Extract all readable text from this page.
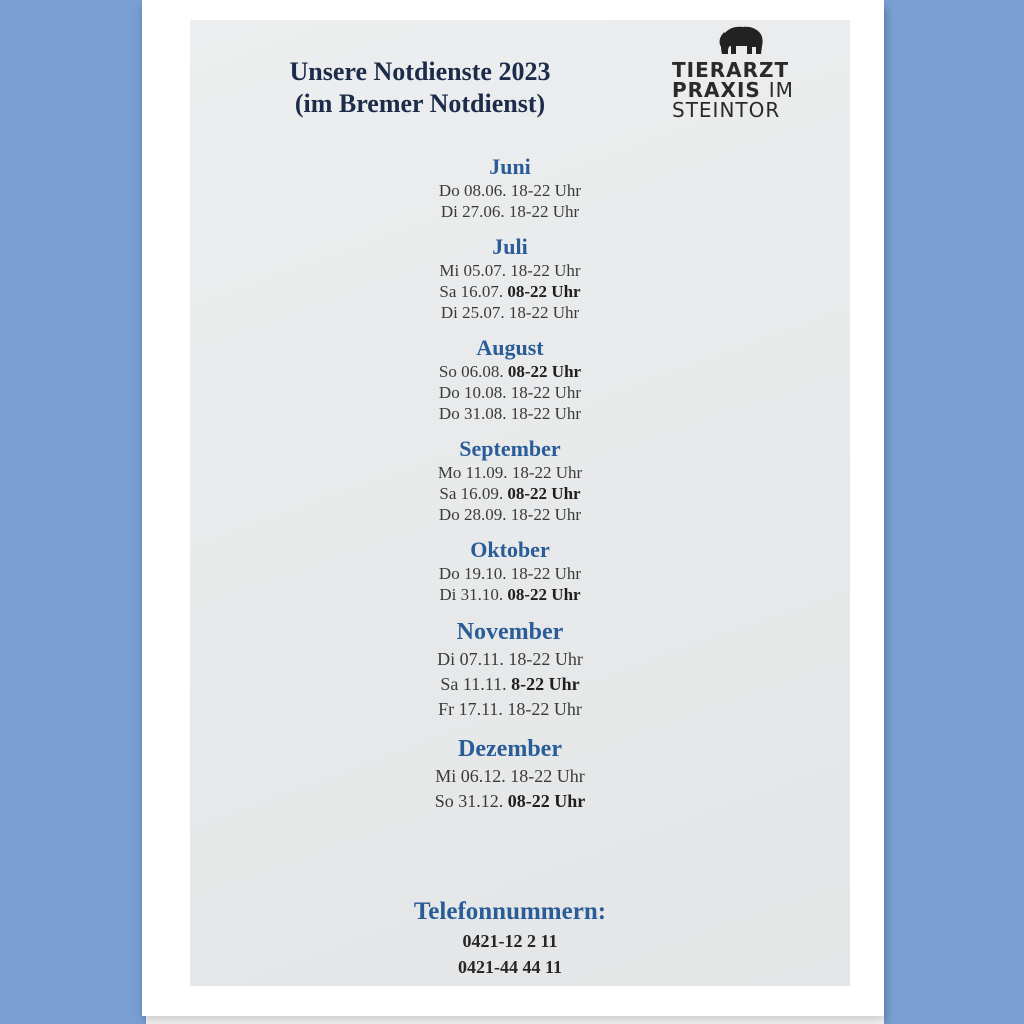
Unsere Notdienste 2023
(im Bremer Notdienst)
TIERARZT
PRAXIS IM
STEINTOR
Juni
Do 08.06. 18-22 Uhr
Di 27.06. 18-22 Uhr
Juli
Mi 05.07. 18-22 Uhr
Sa 16.07. 08-22 Uhr
Di 25.07. 18-22 Uhr
August
So 06.08. 08-22 Uhr
Do 10.08. 18-22 Uhr
Do 31.08. 18-22 Uhr
September
Mo 11.09. 18-22 Uhr
Sa 16.09. 08-22 Uhr
Do 28.09. 18-22 Uhr
Oktober
Do 19.10. 18-22 Uhr
Di 31.10. 08-22 Uhr
November
Di 07.11. 18-22 Uhr
Sa 11.11. 8-22 Uhr
Fr 17.11. 18-22 Uhr
Dezember
Mi 06.12. 18-22 Uhr
So 31.12. 08-22 Uhr
Telefonnummern:
0421-12 2 11
0421-44 44 11
